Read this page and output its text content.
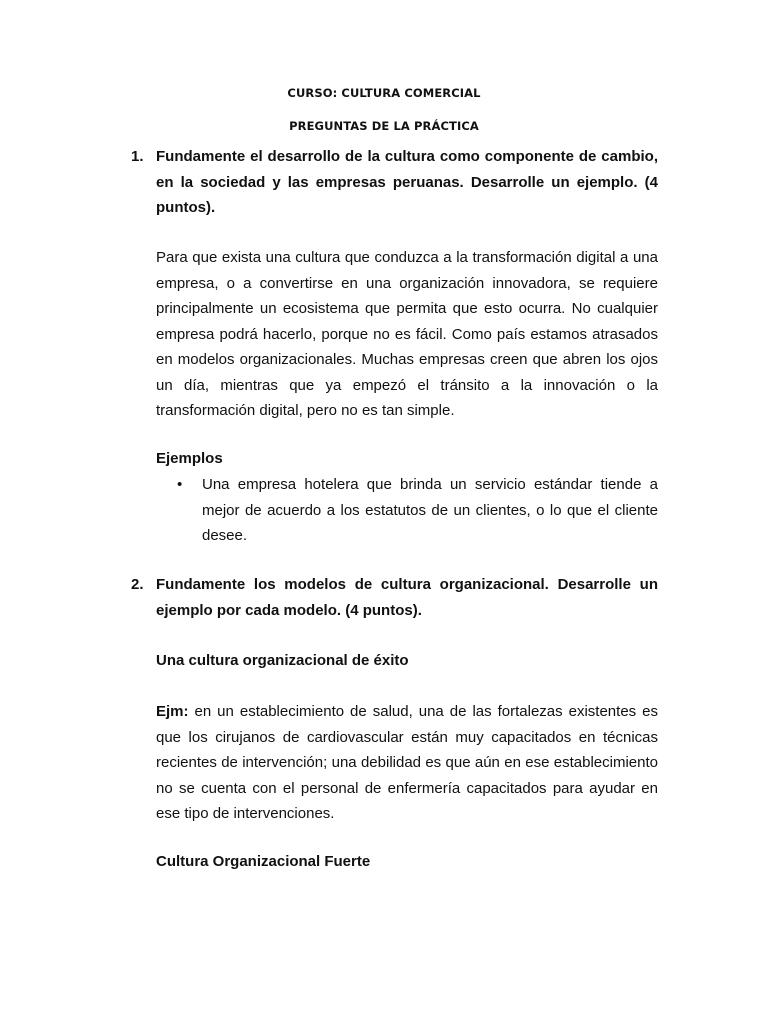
CURSO: CULTURA COMERCIAL
PREGUNTAS DE LA PRÁCTICA
1. Fundamente el desarrollo de la cultura como componente de cambio, en la sociedad y las empresas peruanas. Desarrolle un ejemplo. (4 puntos).
Para que exista una cultura que conduzca a la transformación digital a una empresa, o a convertirse en una organización innovadora, se requiere principalmente un ecosistema que permita que esto ocurra. No cualquier empresa podrá hacerlo, porque no es fácil. Como país estamos atrasados en modelos organizacionales. Muchas empresas creen que abren los ojos un día, mientras que ya empezó el tránsito a la innovación o la transformación digital, pero no es tan simple.
Ejemplos
• Una empresa hotelera que brinda un servicio estándar tiende a mejor de acuerdo a los estatutos de un clientes, o lo que el cliente desee.
2. Fundamente los modelos de cultura organizacional. Desarrolle un ejemplo por cada modelo. (4 puntos).
Una cultura organizacional de éxito
Ejm: en un establecimiento de salud, una de las fortalezas existentes es que los cirujanos de cardiovascular están muy capacitados en técnicas recientes de intervención; una debilidad es que aún en ese establecimiento no se cuenta con el personal de enfermería capacitados para ayudar en ese tipo de intervenciones.
Cultura Organizacional Fuerte
